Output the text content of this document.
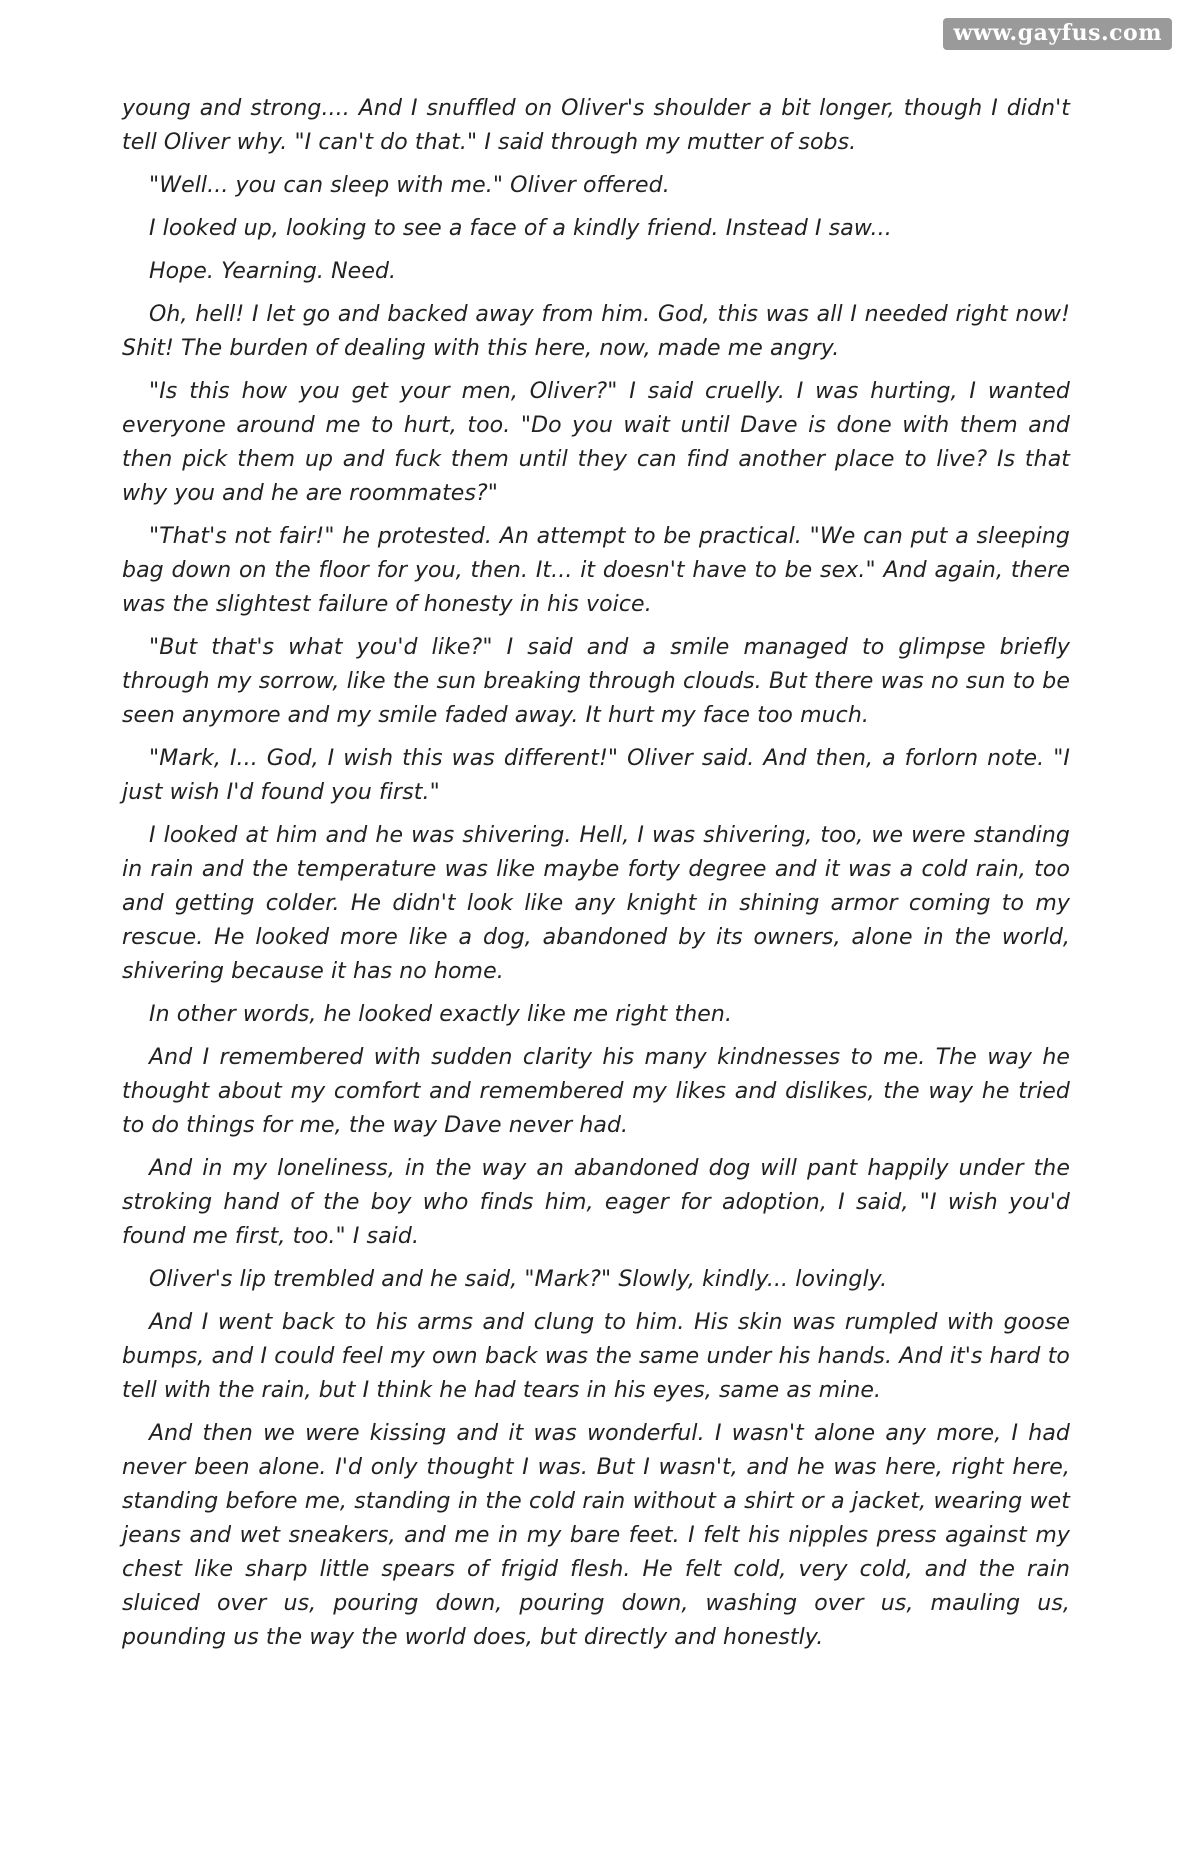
www.gayfus.com

young and strong.... And I snuffled on Oliver's shoulder a bit longer, though I didn't tell Oliver why. "I can't do that." I said through my mutter of sobs.

"Well... you can sleep with me." Oliver offered.

I looked up, looking to see a face of a kindly friend. Instead I saw...

Hope. Yearning. Need.

Oh, hell! I let go and backed away from him. God, this was all I needed right now! Shit! The burden of dealing with this here, now, made me angry.

"Is this how you get your men, Oliver?" I said cruelly. I was hurting, I wanted everyone around me to hurt, too. "Do you wait until Dave is done with them and then pick them up and fuck them until they can find another place to live? Is that why you and he are roommates?"

"That's not fair!" he protested. An attempt to be practical. "We can put a sleeping bag down on the floor for you, then. It... it doesn't have to be sex." And again, there was the slightest failure of honesty in his voice.

"But that's what you'd like?" I said and a smile managed to glimpse briefly through my sorrow, like the sun breaking through clouds. But there was no sun to be seen anymore and my smile faded away. It hurt my face too much.

"Mark, I... God, I wish this was different!" Oliver said. And then, a forlorn note. "I just wish I'd found you first."

I looked at him and he was shivering. Hell, I was shivering, too, we were standing in rain and the temperature was like maybe forty degree and it was a cold rain, too and getting colder. He didn't look like any knight in shining armor coming to my rescue. He looked more like a dog, abandoned by its owners, alone in the world, shivering because it has no home.

In other words, he looked exactly like me right then.

And I remembered with sudden clarity his many kindnesses to me. The way he thought about my comfort and remembered my likes and dislikes, the way he tried to do things for me, the way Dave never had.

And in my loneliness, in the way an abandoned dog will pant happily under the stroking hand of the boy who finds him, eager for adoption, I said, "I wish you'd found me first, too." I said.

Oliver's lip trembled and he said, "Mark?" Slowly, kindly... lovingly.

And I went back to his arms and clung to him. His skin was rumpled with goose bumps, and I could feel my own back was the same under his hands. And it's hard to tell with the rain, but I think he had tears in his eyes, same as mine.

And then we were kissing and it was wonderful. I wasn't alone any more, I had never been alone. I'd only thought I was. But I wasn't, and he was here, right here, standing before me, standing in the cold rain without a shirt or a jacket, wearing wet jeans and wet sneakers, and me in my bare feet. I felt his nipples press against my chest like sharp little spears of frigid flesh. He felt cold, very cold, and the rain sluiced over us, pouring down, pouring down, washing over us, mauling us, pounding us the way the world does, but directly and honestly.
